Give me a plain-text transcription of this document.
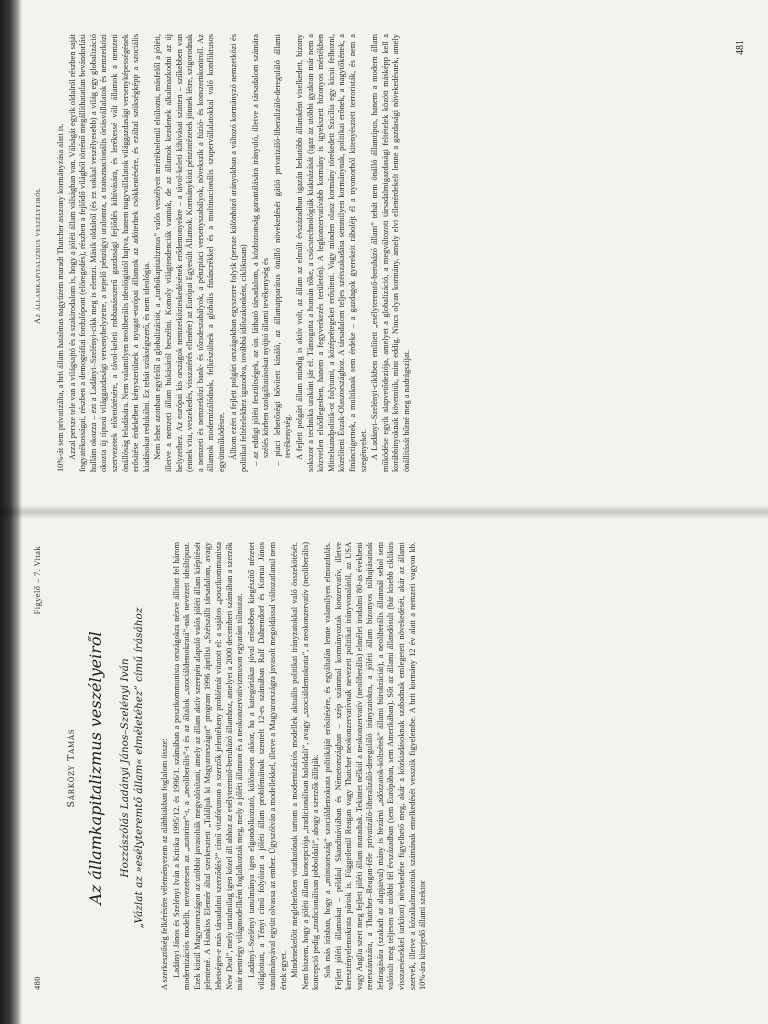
480
Figyelő – 7. Vitak
Sárközy Tamás Az államkapitalizmus veszélyeiről Hozzászólás Ladányi János–Szelényi Iván „Vázlat az »esélyteremtő állam« elméletéhez” című írásához A szerkesztőség felkérésére véleményezem az alábbiakban foglalom össze: Ladányi János és Szelényi Iván a Kritika 1995/12. és 1996/1. számában a posztkommunista országokra nézve állított fel három modernizációs modellt, nevezetesen az „autoriter”-t, a „neoliberális”-t és az általuk „szociáldemokratá”-nak nevezett ideáltípust. Ezek közül Magyarországon az utóbbit javasolták megvalósítani, amely az állam aktív szerepén alapuló valós jóléti állam kiépítését jelentené. A Hankiss Elemér által szerkesztett „Találjuk ki Magyarországot” program 1996 áprilisi „Szétszállt társadalom, avagy lehetséges-e más társadalmi szerződés?” című vitafórumon a szerzők jelentékeny problémát vitatott el: a sajátos „posztkommunista New Deal”, mely tartalmilag igen közel áll ahhoz az esélyteremtő-beruházó államhoz, amelyet a 2000 decemberi számában a szerzők már nemrégy világmodellként foglalkoztak meg, mely a jóléti államon és a neokonzervativizmuson egyaránt túlmutat. Ladányi–Szelényi tanulmánya igen elgondolkoztató, különösen akkor, ha a kategóriákat jóval erősebben kiegészítő nézetet világlottan, a Tényi című folyóirat a jóléti állam problémáinak szentelt 12-es számában Ralf Dahrendorf és Kornai János tanulmányával együtt olvassa az ember. Úgyszólván a modellekkel, illetve a Magyarországra javasolt megoldással változatlanul nem értek egyet. Mindenekelőtt meglehetősen vitathatónak tartom a modernizációs modellek aktuális politikai irányzatokkal való összekötését. Nem hiszem, hogy a jóléti állam koncepciója „tradicionálisan baloldali”, avagy „szociáldemokrata”, a neokonzervatív (neoliberális) koncepció pedig „tradicionálisan jobboldali”, ahogy a szerzők állítják. Sok más írásban, hogy a „mintaország” szociáldemokrata politikáját erősítésére, és egyáltalán lenne valamilyen elmozdulás. Fejlett jóléti államokat – például Skandináviában és Németországban – szép számmal kormányoztak konzervatív, illetve keresztényelemokrata pártok is. Függetlenül Reagan vagy Thatcher neokonzervatívnak nevezett politikai irányvonalától, az USA vagy Anglia szert meg fejlett jóléti állam maradtak. Tekintet nélkül a neokonzervatív (neoliberális) elmélet irodalmi 80-as évekbeni reneszánszára, a Thatcher–Reagan-féle privatizáló-liberalizáló-dereguláló irányzatokra, a jóléti állam bizonyos túlhajtásainak lefaragására (szakadt az alapjaival) mány is bezárni „adózzatok-költsétek” állami bürokráciát), a neoliberális államnál sehol sem valósult meg teljesen az utóbbi fél évszázadban (sem Európában, sem Amerikában). Sőt az állami állandósult (bár kisebb ciklikus visszaesésekkel tarkított) növekedése figyelhető meg, akár a közkiadásoknak szabadnak emlegetett növekedését, akár az állami szervek, illetve a közalkalmazottak számának emelkedését vesszük figyelembe. A brit kormány 12 év alatt a nemzeti vagyon kb. 10%-ára kiterjedő állami szektor

Az államkapitalizmus veszélyeiről 10%-át sem privatizálta, a brit állam hatalmas nagyüzem maradt Thatcher asszony kormányzása alatt is. Azzal persze tele van a világsajtó és a szakirodalom is, hogy a jóléti állam válságban van. Válságát egyik oldalról részben saját fogyatékosságai, részben a demográfiai fordulópont (elöregedés), részben a fejlődő világból történő megállíthatatlan bevándorlási hullám okozza – ezt a Ladányi–Szelényi-cikk meg is elemzi. Másik oldalról (és ez sokkal veszélyesebb) a világ egy globalizáció okozta új típusú világgazdasági versenyhelyzetre, a tepelő pénzügyi uralomra, a transznacionális óriásvállalatok és nemzetközi szervezetek előretörésére, a távol-keleti robbanásszerű gazdasági fejlődés kihívására, és lerékessé vált államok a nemzeti önállóság feladására. Nem valamilyen neoliberális ideológiától hajtva, hanem nagyvállalatok világgazdasági versenyképességének erősítése érdekében kényszerülnek a nyugat-európai államok az adóterhek csökkentésére, és ezáltal szükségképp a szociális kiadásokat redukálni. Ez tehát szükségszerű, és nem ideológia. Nem lehet azonban egyfelől a globalizációt, a „turbókapitalizmus” valós veszélyeit mértéktelenül eltúlozni, másfelől a jóléti, illetve a nemzeti állam bukásáról beszélni. Komoly világtendenciák vannak, de az államok kezdenek alkalmazkodni az új helyzethez. Az európai kis országok nemzetközieskedésének erődemonyekre – a távol-keleti kihívásai szinten – szűkebben van (ennek vita, veszekedés, visszatérés ellenére) az Európai Egyesült Államok. Kormányközi pénzintézetek jönnek létre, szigorodnak a nemzeti és nemzetközi bank- és tőzsdeszabályok, a pénzpiaci versenyszabályok, növekszik a fúzió- és konszernkontroll. Az államok modernizálódnak, felkészülnek a globális fináncrékkel és a multinacionális szupervállalatokkal való konfliktusos együttműködésre. Álltom ezért a fejlett polgári országokban egyszerre folyik (persze különböző arányokban a változó kormányzó nemzetközi és politikai feltételekhez igazodva, továbbá időszakonként, ciklikusan) – az eddigi jóléti feszültségek, az ún. látható társadalom, a közbiztonság garantálására irányuló, illetve a társadalom számára szélés körben szolgáltatásokat nyújtó állami tevékenység és – piaci lehetőségi bővített kínáló, az államapparátus önálló növekedését gátló privatizáló-liberalizáló-dereguláló állami tevékenység. A fejlett polgári állam mindig is aktív volt, az állam az elmúlt évszázadban igazán behatóbb államként viselkedett, bizony sokszor a technika urakánt jár el. Támogatta a humán tőke, a csúcstechnológiák kiaknázását (igaz az utóbbi gyakran már nem a közvetlen elsődlegesben, hanem a fegyverkezés területén). A legkonzervatívabb kormány is igyekszett bizonyos mértékben Mittelstandpolitik-ot folytatni, a középrétegeket erősíteni. Vagy minden olasz kormány törekedett Szicília egy kicsit felhozni, közelíteni Észak-Olaszországhoz. A társadalom teljes szétszakadása semmilyen kormánynak, politikai erőnek, a nagytőkének, a finánctigernek, a multiknak sem érdeke – a gazdagok gyerekeit ráboléjt él a nyomorból kitenyésztett terroristák, és nem a szegényeket. A Ladányi–Szelényi-cikkben említett „esélyteremtő-beruházó állam” tehát nem önálló államtípus, hanem a modern állam működése egyik alapvetődeziója, amelyet a globalizáció, a megváltozott társadalmigazdasági feltételek között másképp kell a korábbinyoknak követniük, mint eddig. Nincs olyan kormány, amely elvi ellenérdekelt lenne a gazdasági növekedésnek, amely önállítását hűtné meg a nadrágszíjat.

481
